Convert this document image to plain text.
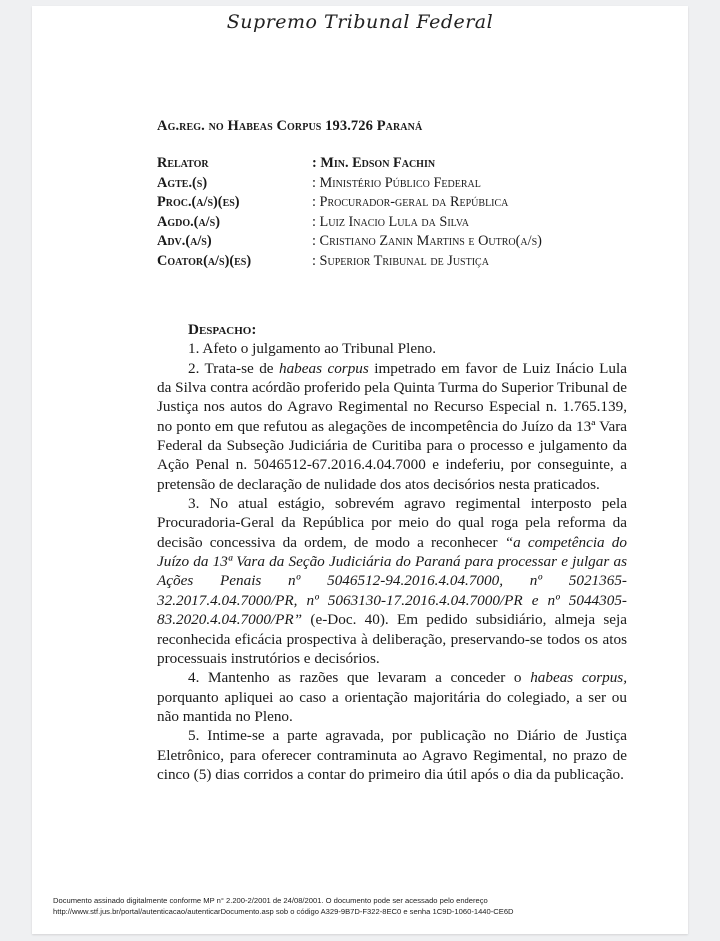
Supremo Tribunal Federal
Ag.reg. no Habeas Corpus 193.726 Paraná
Relator	: Min. Edson Fachin
Agte.(s)	: Ministério Público Federal
Proc.(a/s)(es)	: Procurador-geral da República
Agdo.(a/s)	: Luiz Inacio Lula da Silva
Adv.(a/s)	: Cristiano Zanin Martins e Outro(a/s)
Coator(a/s)(es)	: Superior Tribunal de Justiça
Despacho:

1. Afeto o julgamento ao Tribunal Pleno.

2. Trata-se de habeas corpus impetrado em favor de Luiz Inácio Lula da Silva contra acórdão proferido pela Quinta Turma do Superior Tribunal de Justiça nos autos do Agravo Regimental no Recurso Especial n. 1.765.139, no ponto em que refutou as alegações de incompetência do Juízo da 13ª Vara Federal da Subseção Judiciária de Curitiba para o processo e julgamento da Ação Penal n. 5046512-67.2016.4.04.7000 e indeferiu, por conseguinte, a pretensão de declaração de nulidade dos atos decisórios nesta praticados.

3. No atual estágio, sobrevém agravo regimental interposto pela Procuradoria-Geral da República por meio do qual roga pela reforma da decisão concessiva da ordem, de modo a reconhecer “a competência do Juízo da 13ª Vara da Seção Judiciária do Paraná para processar e julgar as Ações Penais nº 5046512-94.2016.4.04.7000, nº 5021365-32.2017.4.04.7000/PR, nº 5063130-17.2016.4.04.7000/PR e nº 5044305- 83.2020.4.04.7000/PR” (e-Doc. 40). Em pedido subsidiário, almeja seja reconhecida eficácia prospectiva à deliberação, preservando-se todos os atos processuais instrutórios e decisórios.

4. Mantenho as razões que levaram a conceder o habeas corpus, porquanto apliquei ao caso a orientação majoritária do colegiado, a ser ou não mantida no Pleno.

5. Intime-se a parte agravada, por publicação no Diário de Justiça Eletrônico, para oferecer contraminuta ao Agravo Regimental, no prazo de cinco (5) dias corridos a contar do primeiro dia útil após o dia da publicação.

Documento assinado digitalmente conforme MP n° 2.200-2/2001 de 24/08/2001. O documento pode ser acessado pelo endereço
http://www.stf.jus.br/portal/autenticacao/autenticarDocumento.asp sob o código A329-9B7D-F322-8EC0 e senha 1C9D-1060-1440-CE6D
